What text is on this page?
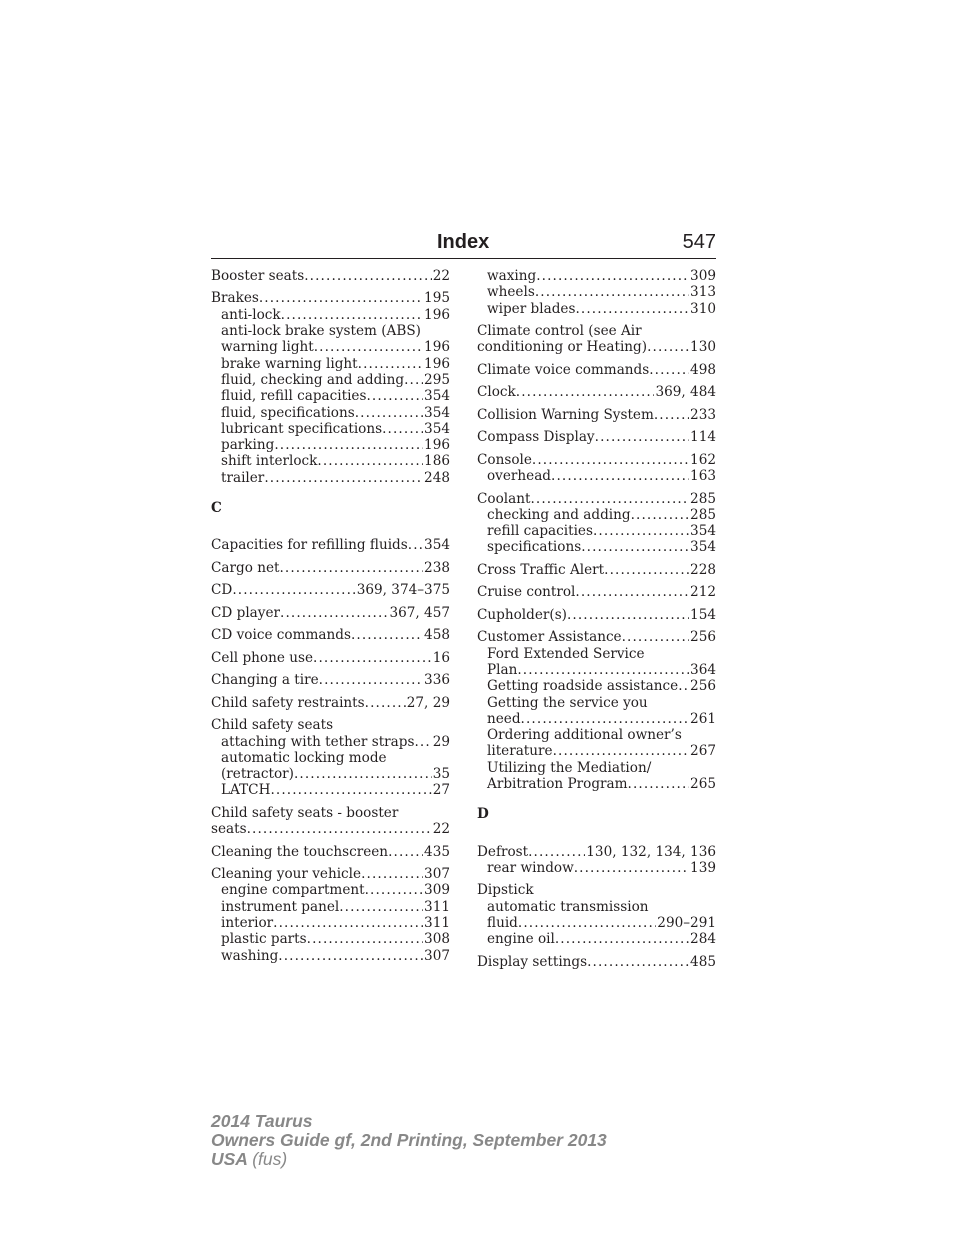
Index	547
Booster seats . . .	22
Brakes . . .	195
anti-lock . . .	196
anti-lock brake system (ABS)
warning light . . .	196
brake warning light . . .	196
fluid, checking and adding . . . 295
fluid, refill capacities . . .	354
fluid, specifications . . .	354
lubricant specifications . . .	354
parking . . .	196
shift interlock . . .	186
trailer . . .	248
C
Capacities for refilling fluids . . . 354
Cargo net . . .	238
CD . . .	369, 374–375
CD player . . .	367, 457
CD voice commands . . .	458
Cell phone use . . .	16
Changing a tire . . .	336
Child safety restraints . . .	27, 29
Child safety seats
attaching with tether straps . . . 29
automatic locking mode
(retractor) . . .	35
LATCH . . .	27
Child safety seats - booster
seats . . .	22
Cleaning the touchscreen . . .	435
Cleaning your vehicle . . .	307
engine compartment . . .	309
instrument panel . . .	311
interior . . .	311
plastic parts . . .	308
washing . . .	307
waxing . . .	309
wheels . . .	313
wiper blades . . .	310
Climate control (see Air
conditioning or Heating) . . .	130
Climate voice commands . . .	498
Clock . . .	369, 484
Collision Warning System . . .	233
Compass Display . . .	114
Console . . .	162
overhead . . .	163
Coolant . . .	285
checking and adding . . .	285
refill capacities . . .	354
specifications . . .	354
Cross Traffic Alert . . .	228
Cruise control . . .	212
Cupholder(s) . . .	154
Customer Assistance . . .	256
Ford Extended Service
Plan . . .	364
Getting roadside assistance . . . 256
Getting the service you
need . . .	261
Ordering additional owner’s
literature . . .	267
Utilizing the Mediation/
Arbitration Program . . .	265
D
Defrost . . .	130, 132, 134, 136
rear window . . .	139
Dipstick
automatic transmission
fluid . . .	290–291
engine oil . . .	284
Display settings . . .	485
2014 Taurus
Owners Guide gf, 2nd Printing, September 2013
USA (fus)
